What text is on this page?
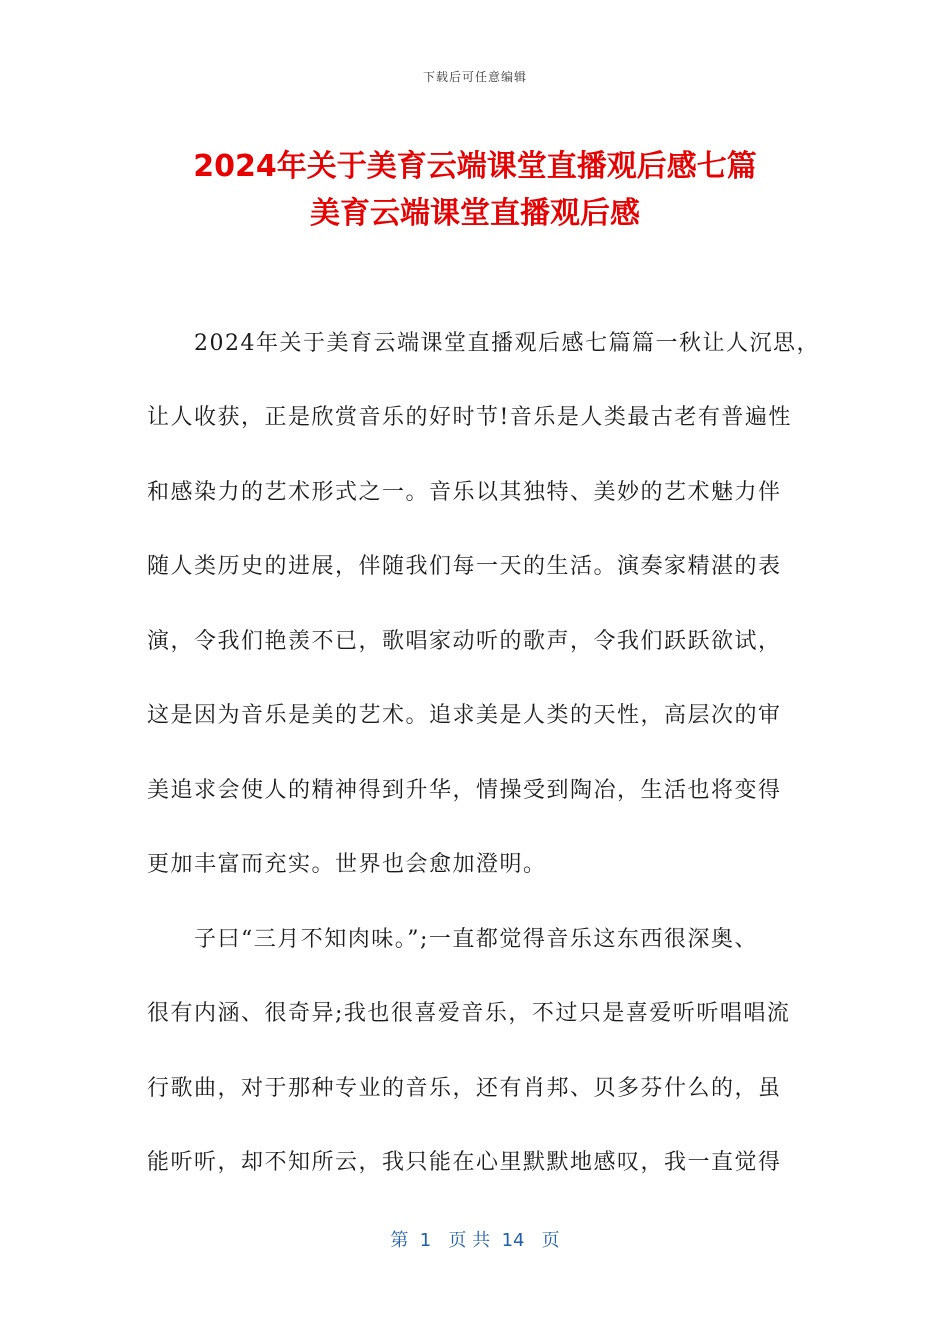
下载后可任意编辑
2024年关于美育云端课堂直播观后感七篇
美育云端课堂直播观后感
　　2024年关于美育云端课堂直播观后感七篇篇一秋让人沉思，
让人收获，正是欣赏音乐的好时节!音乐是人类最古老有普遍性
和感染力的艺术形式之一。音乐以其独特、美妙的艺术魅力伴
随人类历史的进展，伴随我们每一天的生活。演奏家精湛的表
演，令我们艳羡不已，歌唱家动听的歌声，令我们跃跃欲试，
这是因为音乐是美的艺术。追求美是人类的天性，高层次的审
美追求会使人的精神得到升华，情操受到陶冶，生活也将变得
更加丰富而充实。世界也会愈加澄明。
　　子曰“三月不知肉味。”;一直都觉得音乐这东西很深奥、
很有内涵、很奇异;我也很喜爱音乐，不过只是喜爱听听唱唱流
行歌曲，对于那种专业的音乐，还有肖邦、贝多芬什么的，虽
能听听，却不知所云，我只能在心里默默地感叹，我一直觉得
第  1   页 共  14   页
